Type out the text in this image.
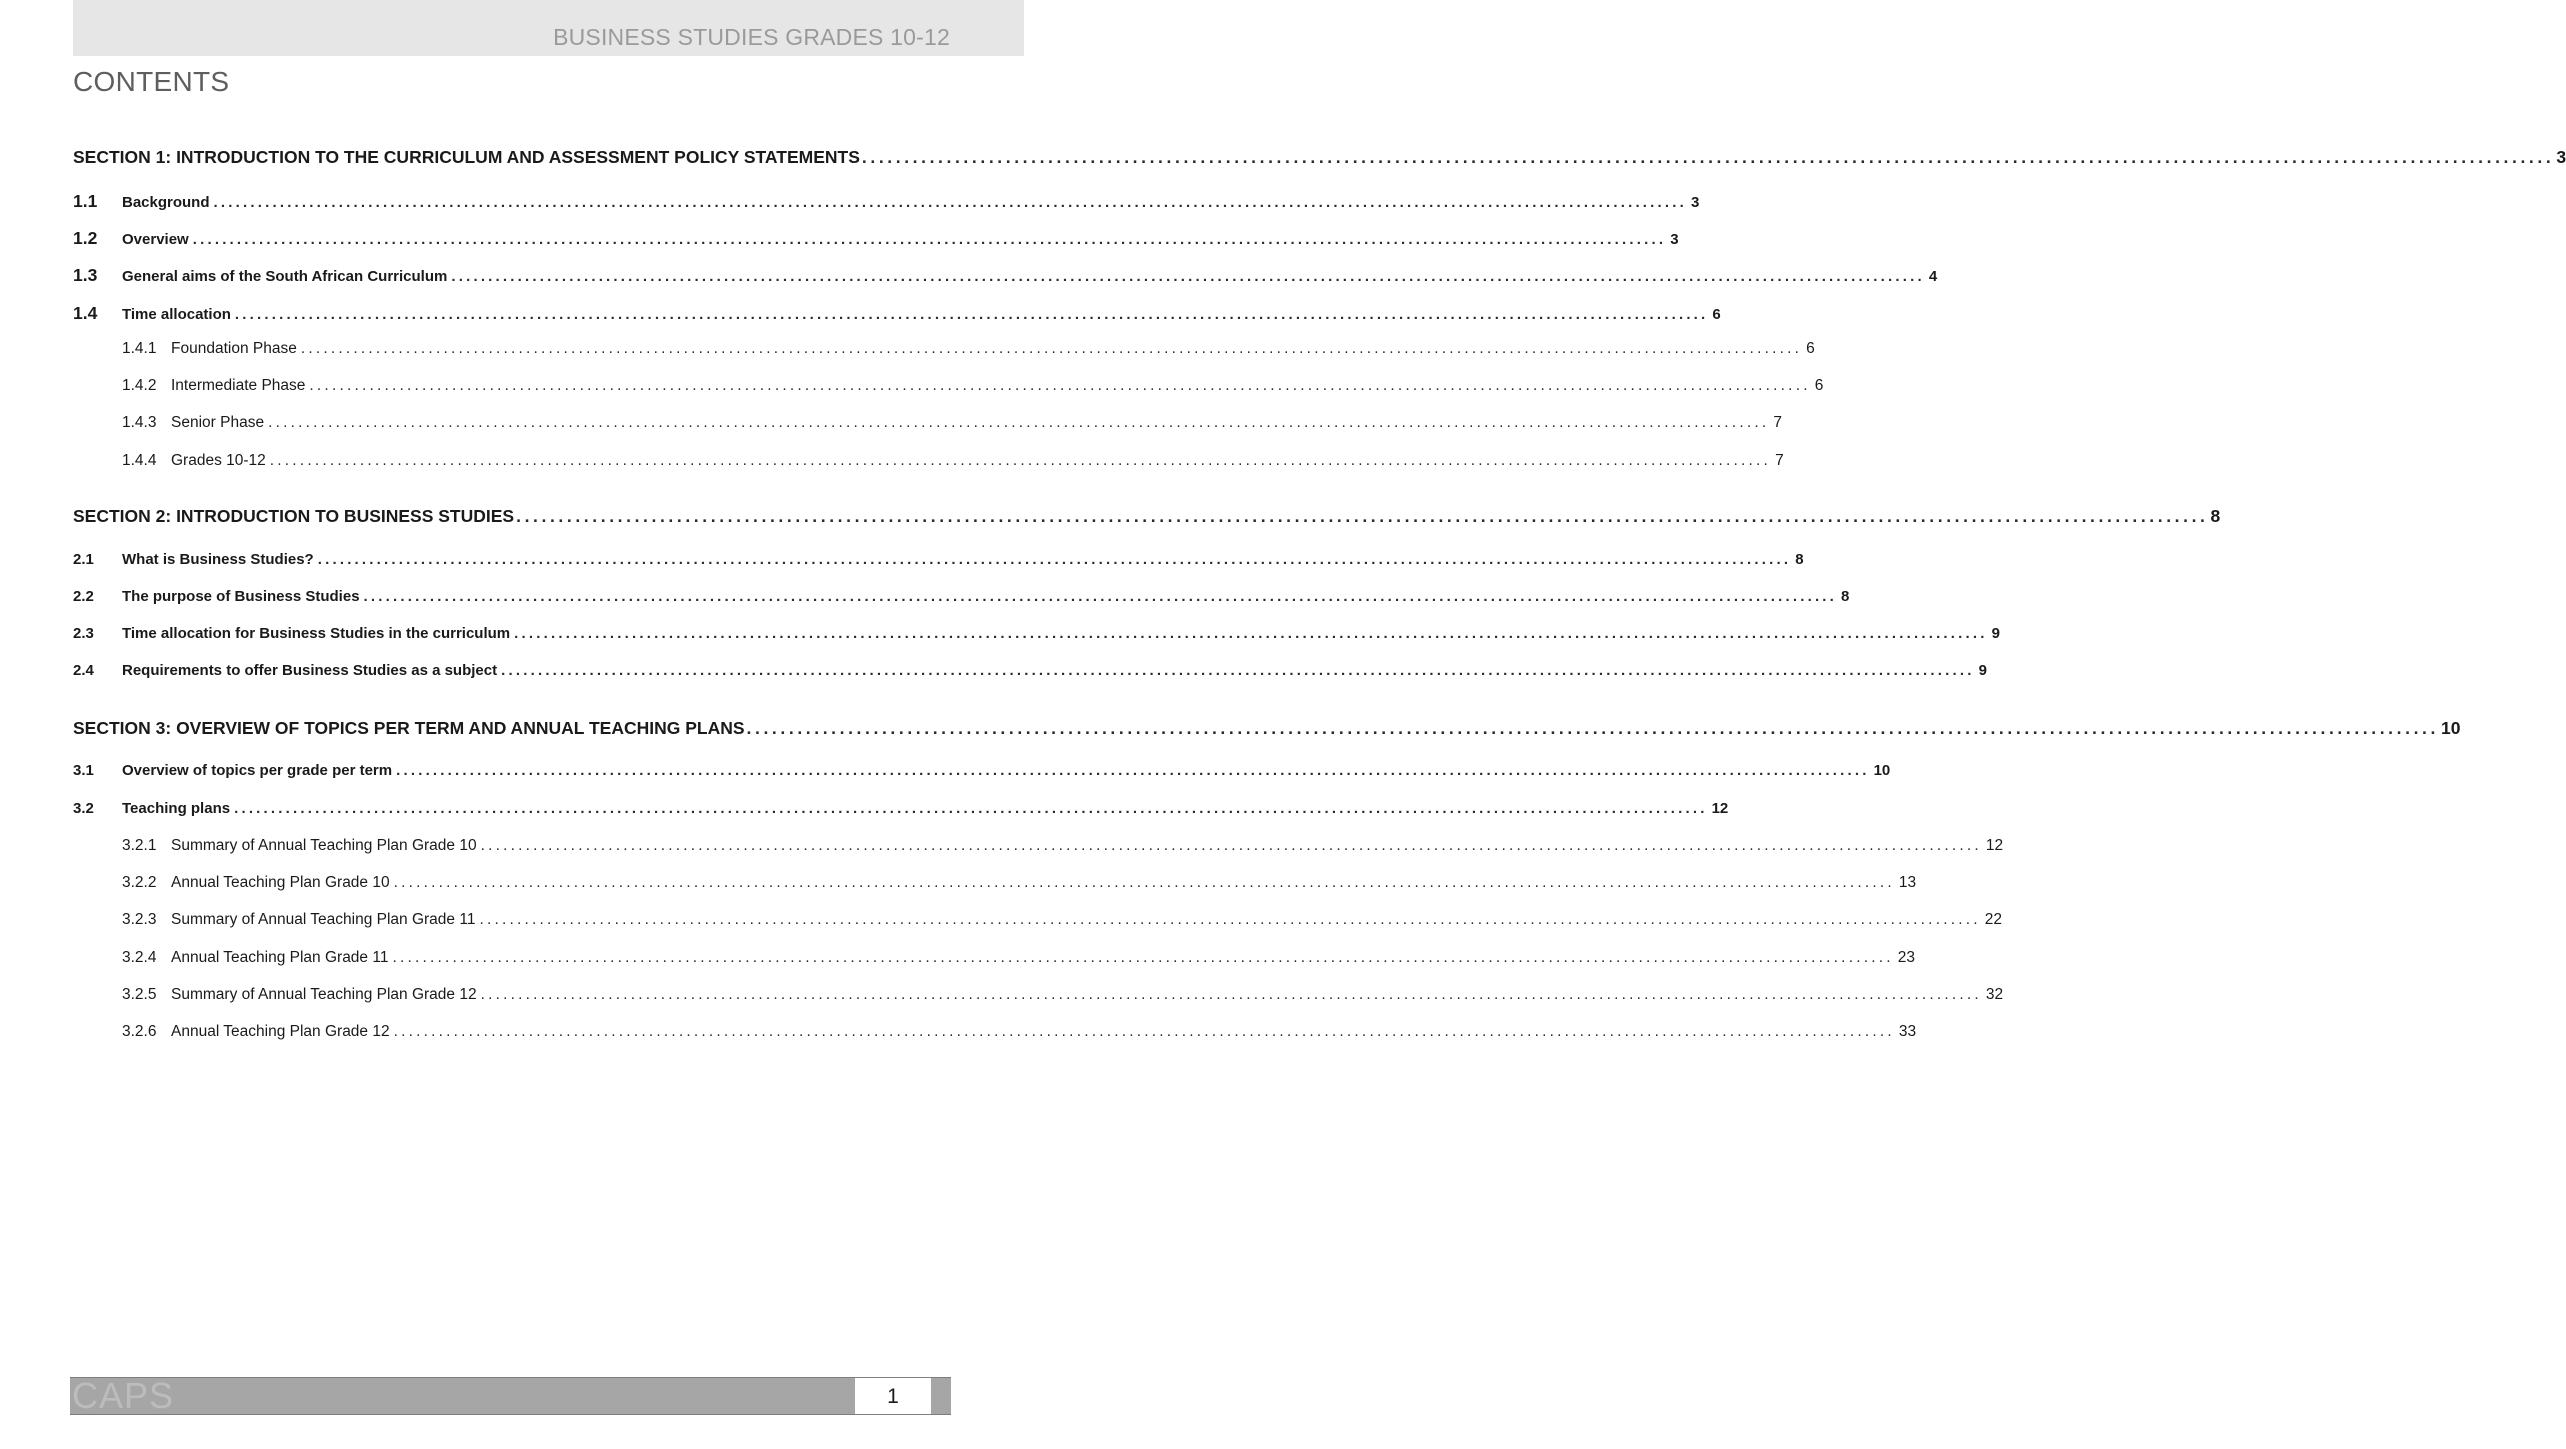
BUSINESS STUDIES GRADES 10-12
CONTENTS
SECTION 1: INTRODUCTION TO THE CURRICULUM AND ASSESSMENT POLICY STATEMENTS ........................................................................................................................................................................................................ 3
1.1	Background ........................................................................................................................................................................................................ 3
1.2	Overview ........................................................................................................................................................................................................ 3
1.3	General aims of the South African Curriculum ........................................................................................................................................................................................................ 4
1.4	Time allocation ........................................................................................................................................................................................................ 6
1.4.1 Foundation Phase ........................................................................................................................................................................................................ 6
1.4.2 Intermediate Phase ........................................................................................................................................................................................................ 6
1.4.3 Senior Phase ........................................................................................................................................................................................................ 7
1.4.4 Grades 10-12 ........................................................................................................................................................................................................ 7
SECTION 2: INTRODUCTION TO BUSINESS STUDIES ........................................................................................................................................................................................................ 8
2.1	What is Business Studies? ........................................................................................................................................................................................................ 8
2.2	The purpose of Business Studies ........................................................................................................................................................................................................ 8
2.3	Time allocation for Business Studies in the curriculum ........................................................................................................................................................................................................ 9
2.4	Requirements to offer Business Studies as a subject ........................................................................................................................................................................................................ 9
SECTION 3: OVERVIEW OF TOPICS PER TERM AND ANNUAL TEACHING PLANS ........................................................................................................................................................................................................ 10
3.1	Overview of topics per grade per term ........................................................................................................................................................................................................ 10
3.2	Teaching plans ........................................................................................................................................................................................................ 12
3.2.1 Summary of Annual Teaching Plan Grade 10 ........................................................................................................................................................................................................ 12
3.2.2 Annual Teaching Plan Grade 10 ........................................................................................................................................................................................................ 13
3.2.3 Summary of Annual Teaching Plan Grade 11 ........................................................................................................................................................................................................ 22
3.2.4 Annual Teaching Plan Grade 11 ........................................................................................................................................................................................................ 23
3.2.5 Summary of Annual Teaching Plan Grade 12 ........................................................................................................................................................................................................ 32
3.2.6 Annual Teaching Plan Grade 12 ........................................................................................................................................................................................................ 33
CAPS	1
